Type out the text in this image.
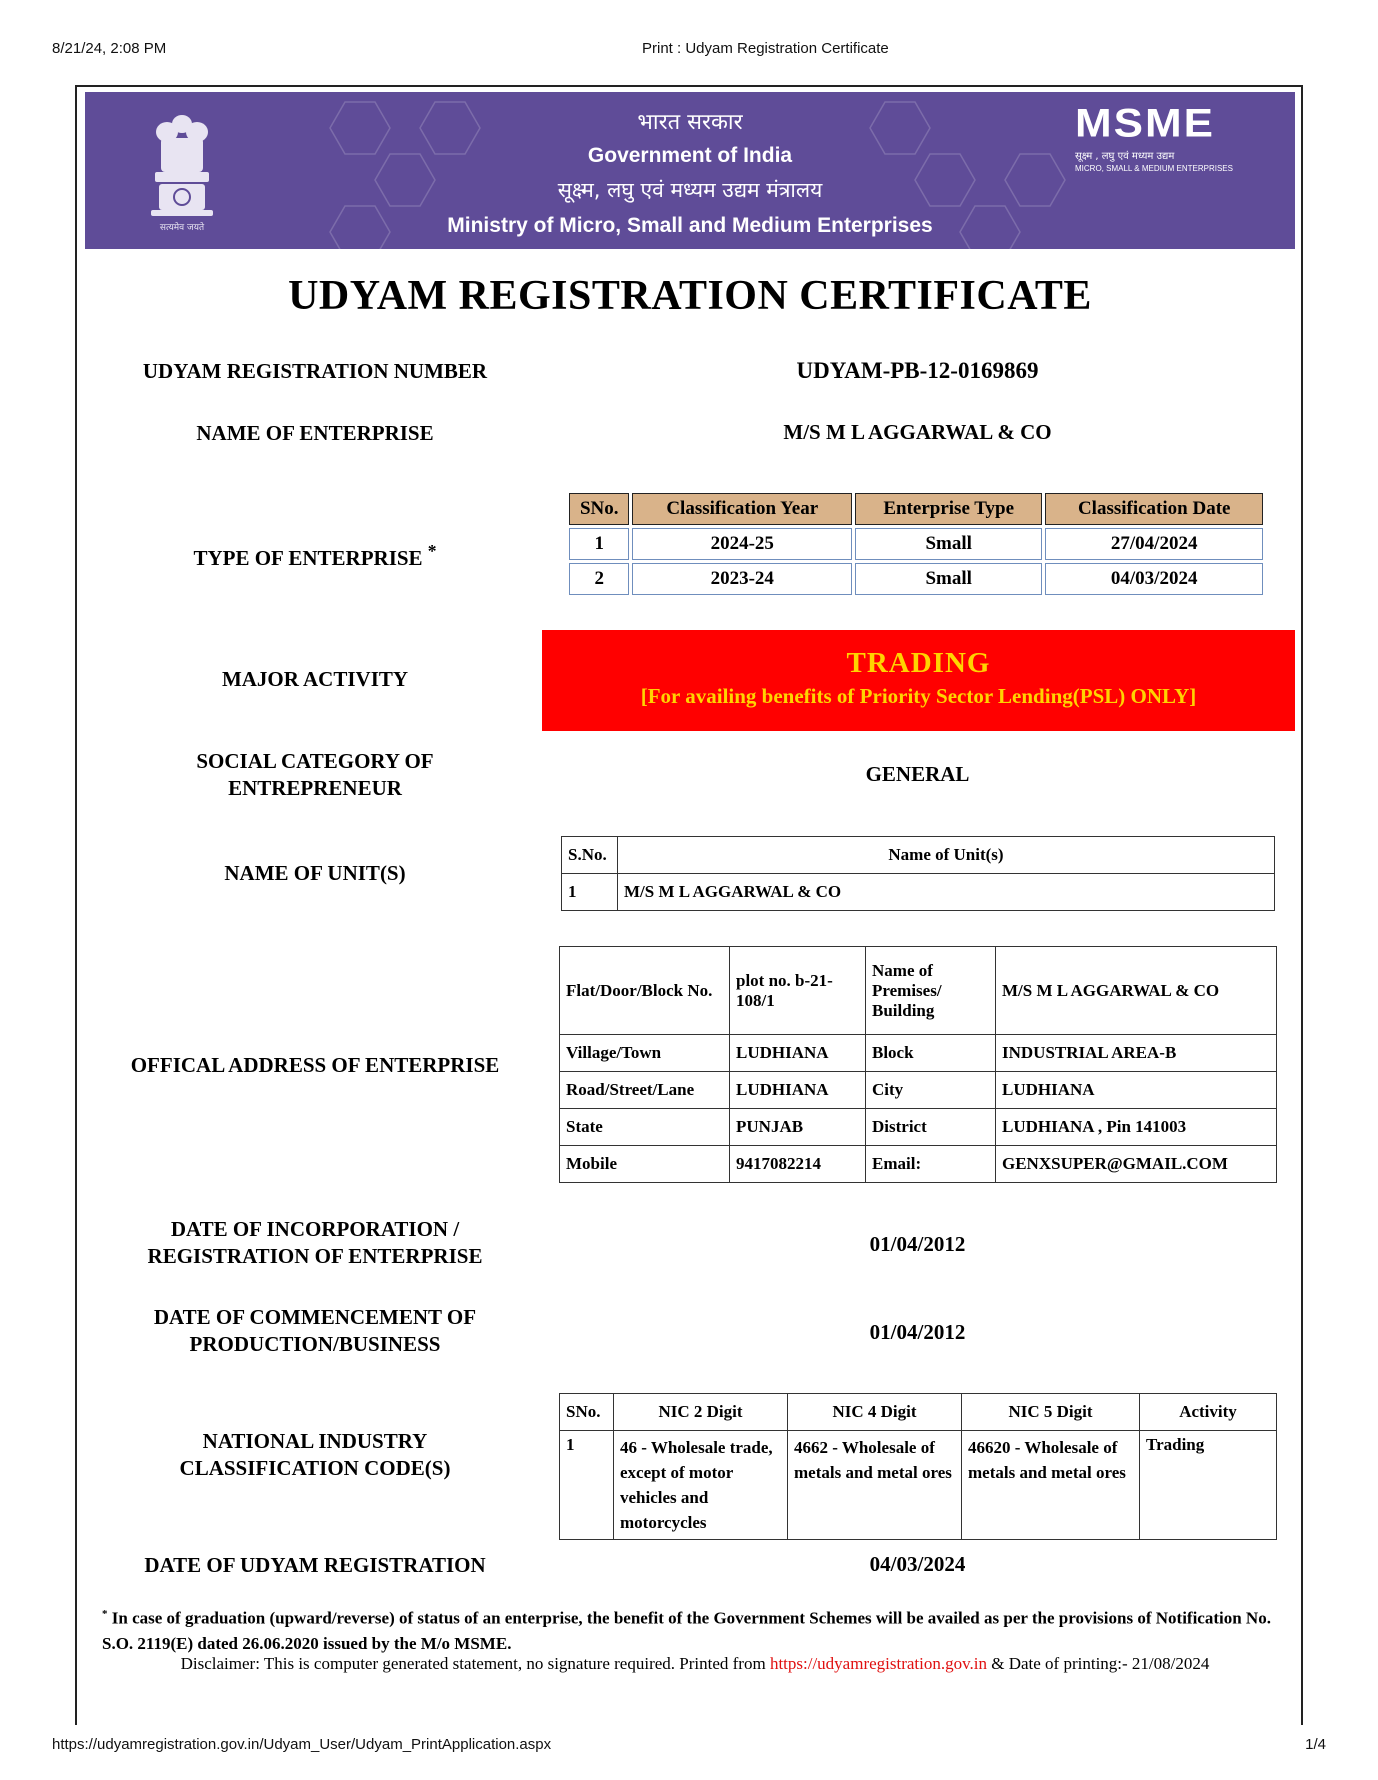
8/21/24, 2:08 PM	Print : Udyam Registration Certificate
सत्यमेव जयते
भारत सरकार
Government of India
सूक्ष्म, लघु एवं मध्यम उद्यम मंत्रालय
Ministry of Micro, Small and Medium Enterprises
MSME
सूक्ष्म , लघु एवं मध्यम उद्यम
MICRO, SMALL & MEDIUM ENTERPRISES
UDYAM REGISTRATION CERTIFICATE
UDYAM REGISTRATION NUMBER	UDYAM-PB-12-0169869
NAME OF ENTERPRISE	M/S M L AGGARWAL & CO
TYPE OF ENTERPRISE *
SNo.	Classification Year	Enterprise Type	Classification Date
1	2024-25	Small	27/04/2024
2	2023-24	Small	04/03/2024
MAJOR ACTIVITY	TRADING
[For availing benefits of Priority Sector Lending(PSL) ONLY]
SOCIAL CATEGORY OF
ENTREPRENEUR
GENERAL
NAME OF UNIT(S)
S.No.	Name of Unit(s)
1	M/S M L AGGARWAL & CO
OFFICAL ADDRESS OF ENTERPRISE
Flat/Door/Block No.	plot no. b-21-108/1	Name of Premises/ Building	M/S M L AGGARWAL & CO
Village/Town	LUDHIANA	Block	INDUSTRIAL AREA-B
Road/Street/Lane	LUDHIANA	City	LUDHIANA
State	PUNJAB	District	LUDHIANA , Pin 141003
Mobile	9417082214	Email:	GENXSUPER@GMAIL.COM
DATE OF INCORPORATION /
REGISTRATION OF ENTERPRISE	01/04/2012
DATE OF COMMENCEMENT OF
PRODUCTION/BUSINESS	01/04/2012
NATIONAL INDUSTRY
CLASSIFICATION CODE(S)
SNo.	NIC 2 Digit	NIC 4 Digit	NIC 5 Digit	Activity
1	46 - Wholesale trade, except of motor vehicles and motorcycles	4662 - Wholesale of metals and metal ores	46620 - Wholesale of metals and metal ores	Trading
DATE OF UDYAM REGISTRATION	04/03/2024
* In case of graduation (upward/reverse) of status of an enterprise, the benefit of the Government Schemes will be availed as per the provisions of Notification No. S.O. 2119(E) dated 26.06.2020 issued by the M/o MSME.
Disclaimer: This is computer generated statement, no signature required. Printed from https://udyamregistration.gov.in & Date of printing:- 21/08/2024
https://udyamregistration.gov.in/Udyam_User/Udyam_PrintApplication.aspx	1/4
